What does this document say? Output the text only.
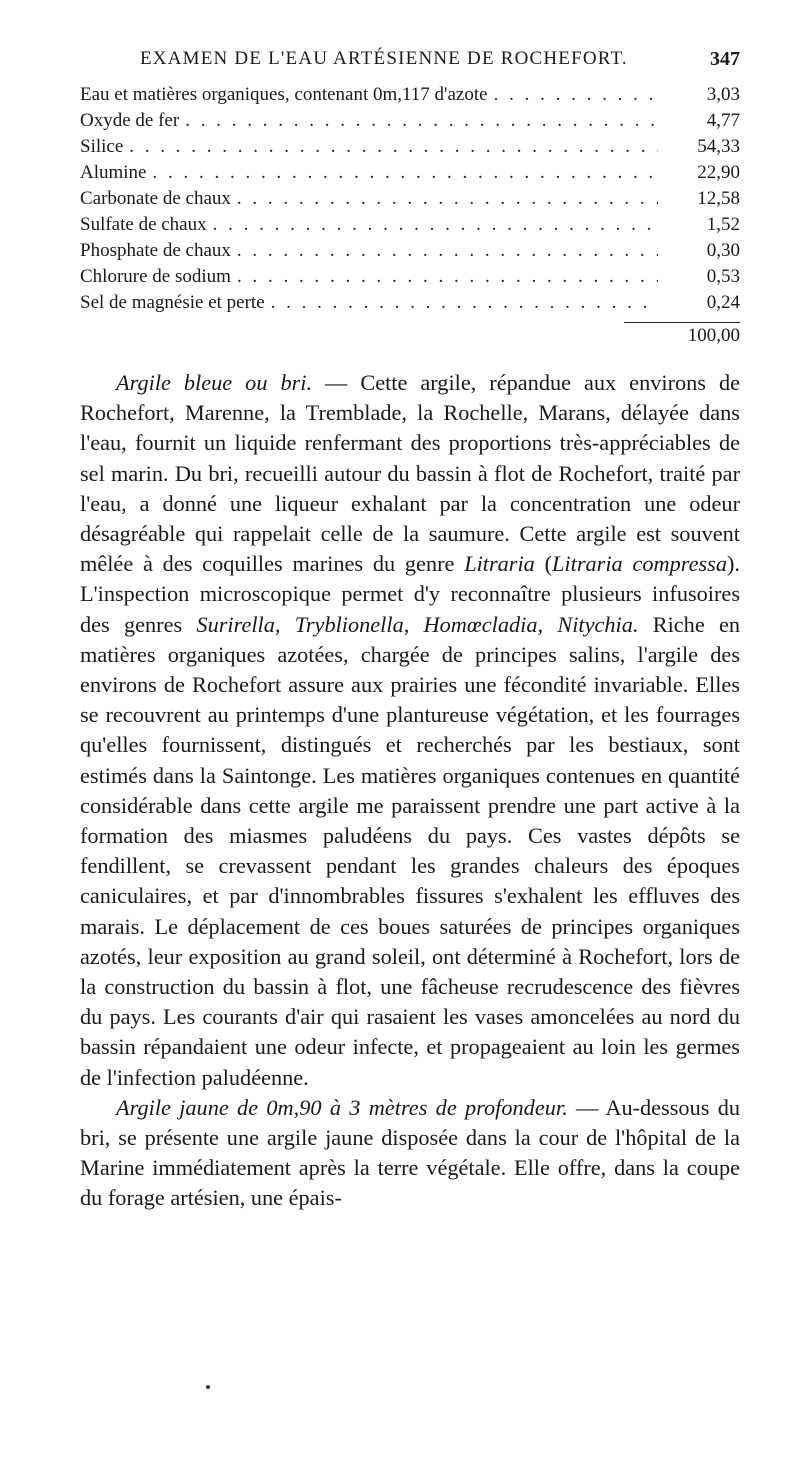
EXAMEN DE L'EAU ARTÉSIENNE DE ROCHEFORT.	347
Eau et matières organiques, contenant 0m,117 d'azote . . .	3,03
Oxyde de fer . . .	4,77
Silice . . .	54,33
Alumine . . .	22,90
Carbonate de chaux . . .	12,58
Sulfate de chaux . . .	1,52
Phosphate de chaux . . .	0,30
Chlorure de sodium . . .	0,53
Sel de magnésie et perte . . .	0,24
100,00

Argile bleue ou bri. — Cette argile, répandue aux environs de Rochefort, Marenne, la Tremblade, la Rochelle, Marans, délayée dans l'eau, fournit un liquide renfermant des proportions très-appréciables de sel marin. Du bri, recueilli autour du bassin à flot de Rochefort, traité par l'eau, a donné une liqueur exhalant par la concentration une odeur désagréable qui rappelait celle de la saumure. Cette argile est souvent mêlée à des coquilles marines du genre Litraria (Litraria compressa). L'inspection microscopique permet d'y reconnaître plusieurs infusoires des genres Surirella, Tryblionella, Homœcladia, Nitychia. Riche en matières organiques azotées, chargée de principes salins, l'argile des environs de Rochefort assure aux prairies une fécondité invariable. Elles se recouvrent au printemps d'une plantureuse végétation, et les fourrages qu'elles fournissent, distingués et recherchés par les bestiaux, sont estimés dans la Saintonge. Les matières organiques contenues en quantité considérable dans cette argile me paraissent prendre une part active à la formation des miasmes paludéens du pays. Ces vastes dépôts se fendillent, se crevassent pendant les grandes chaleurs des époques caniculaires, et par d'innombrables fissures s'exhalent les effluves des marais. Le déplacement de ces boues saturées de principes organiques azotés, leur exposition au grand soleil, ont déterminé à Rochefort, lors de la construction du bassin à flot, une fâcheuse recrudescence des fièvres du pays. Les courants d'air qui rasaient les vases amoncelées au nord du bassin répandaient une odeur infecte, et propageaient au loin les germes de l'infection paludéenne.

Argile jaune de 0m,90 à 3 mètres de profondeur. — Au-dessous du bri, se présente une argile jaune disposée dans la cour de l'hôpital de la Marine immédiatement après la terre végétale. Elle offre, dans la coupe du forage artésien, une épais-
